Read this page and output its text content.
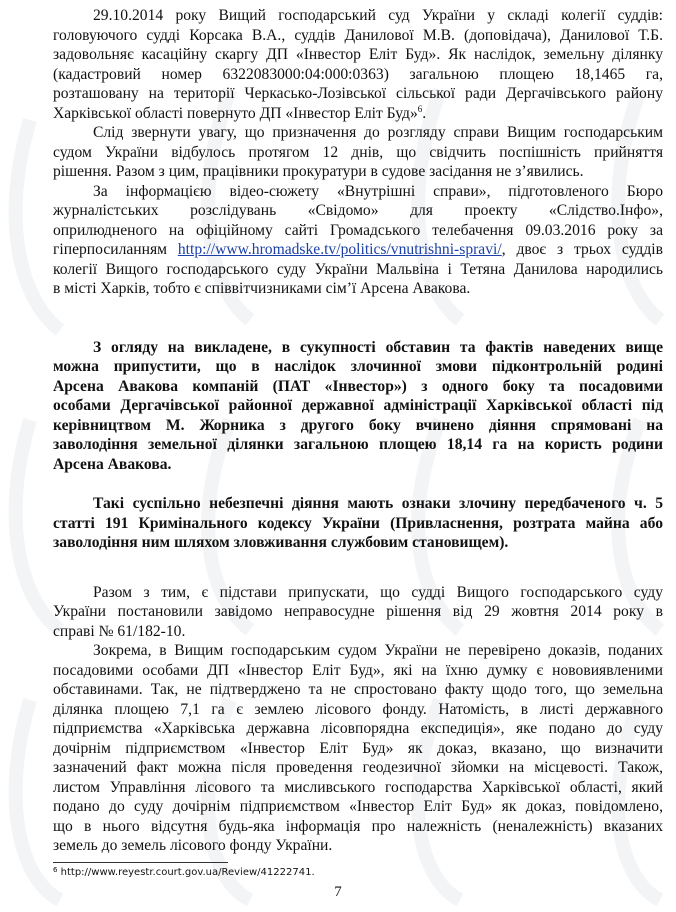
29.10.2014 року Вищий господарський суд України у складі колегії суддів:
головуючого судді Корсака В.А., суддів Данилової М.В. (доповідача), Данилової Т.Б.
задовольняє касаційну скаргу ДП «Інвестор Еліт Буд». Як наслідок, земельну ділянку
(кадастровий номер 6322083000:04:000:0363) загальною площею 18,1465 га,
розташовану на території Черкасько-Лозівської сільської ради Дергачівського району
Харківської області повернуто ДП «Інвестор Еліт Буд»$^6$.
Слід звернути увагу, що призначення до розгляду справи Вищим господарським
судом України відбулось протягом 12 днів, що свідчить поспішність прийняття
рішення. Разом з цим, працівники прокуратури в судове засідання не з’явились.
За інформацією відео-сюжету «Внутрішні справи», підготовленого Бюро
журналістських розслідувань «Свідомо» для проекту «Слідство.Інфо»,
оприлюдненого на офіційному сайті Громадського телебачення 09.03.2016 року за
гіперпосиланням http://www.hromadske.tv/politics/vnutrishni-spravi/, двоє з трьох суддів
колегії Вищого господарського суду України Мальвіна і Тетяна Данилова народились
в місті Харків, тобто є співвітчизниками сім’ї Арсена Авакова.
З огляду на викладене, в сукупності обставин та фактів наведених вище
можна припустити, що в наслідок злочинної змови підконтрольній родині
Арсена Авакова компаній (ПАТ «Інвестор») з одного боку та посадовими
особами Дергачівської районної державної адміністрації Харківської області під
керівництвом М. Жорника з другого боку вчинено діяння спрямовані на
заволодіння земельної ділянки загальною площею 18,14 га на користь родини
Арсена Авакова.
Такі суспільно небезпечні діяння мають ознаки злочину передбаченого ч. 5
статті 191 Кримінального кодексу України (Привласнення, розтрата майна або
заволодіння ним шляхом зловживання службовим становищем).
Разом з тим, є підстави припускати, що судді Вищого господарського суду
України постановили завідомо неправосудне рішення від 29 жовтня 2014 року в
справі № 61/182-10.
Зокрема, в Вищим господарським судом України не перевірено доказів, поданих
посадовими особами ДП «Інвестор Еліт Буд», які на їхню думку є нововиявленими
обставинами. Так, не підтверджено та не спростовано факту щодо того, що земельна
ділянка площею 7,1 га є землею лісового фонду. Натомість, в листі державного
підприємства «Харківська державна лісовпорядна експедиція», яке подано до суду
дочірнім підприємством «Інвестор Еліт Буд» як доказ, вказано, що визначити
зазначений факт можна після проведення геодезичної зйомки на місцевості. Також,
листом Управління лісового та мисливського господарства Харківської області, який
подано до суду дочірнім підприємством «Інвестор Еліт Буд» як доказ, повідомлено,
що в нього відсутня будь-яка інформація про належність (неналежність) вказаних
земель до земель лісового фонду України.
$^6$ http://www.reyestr.court.gov.ua/Review/41222741.
7
